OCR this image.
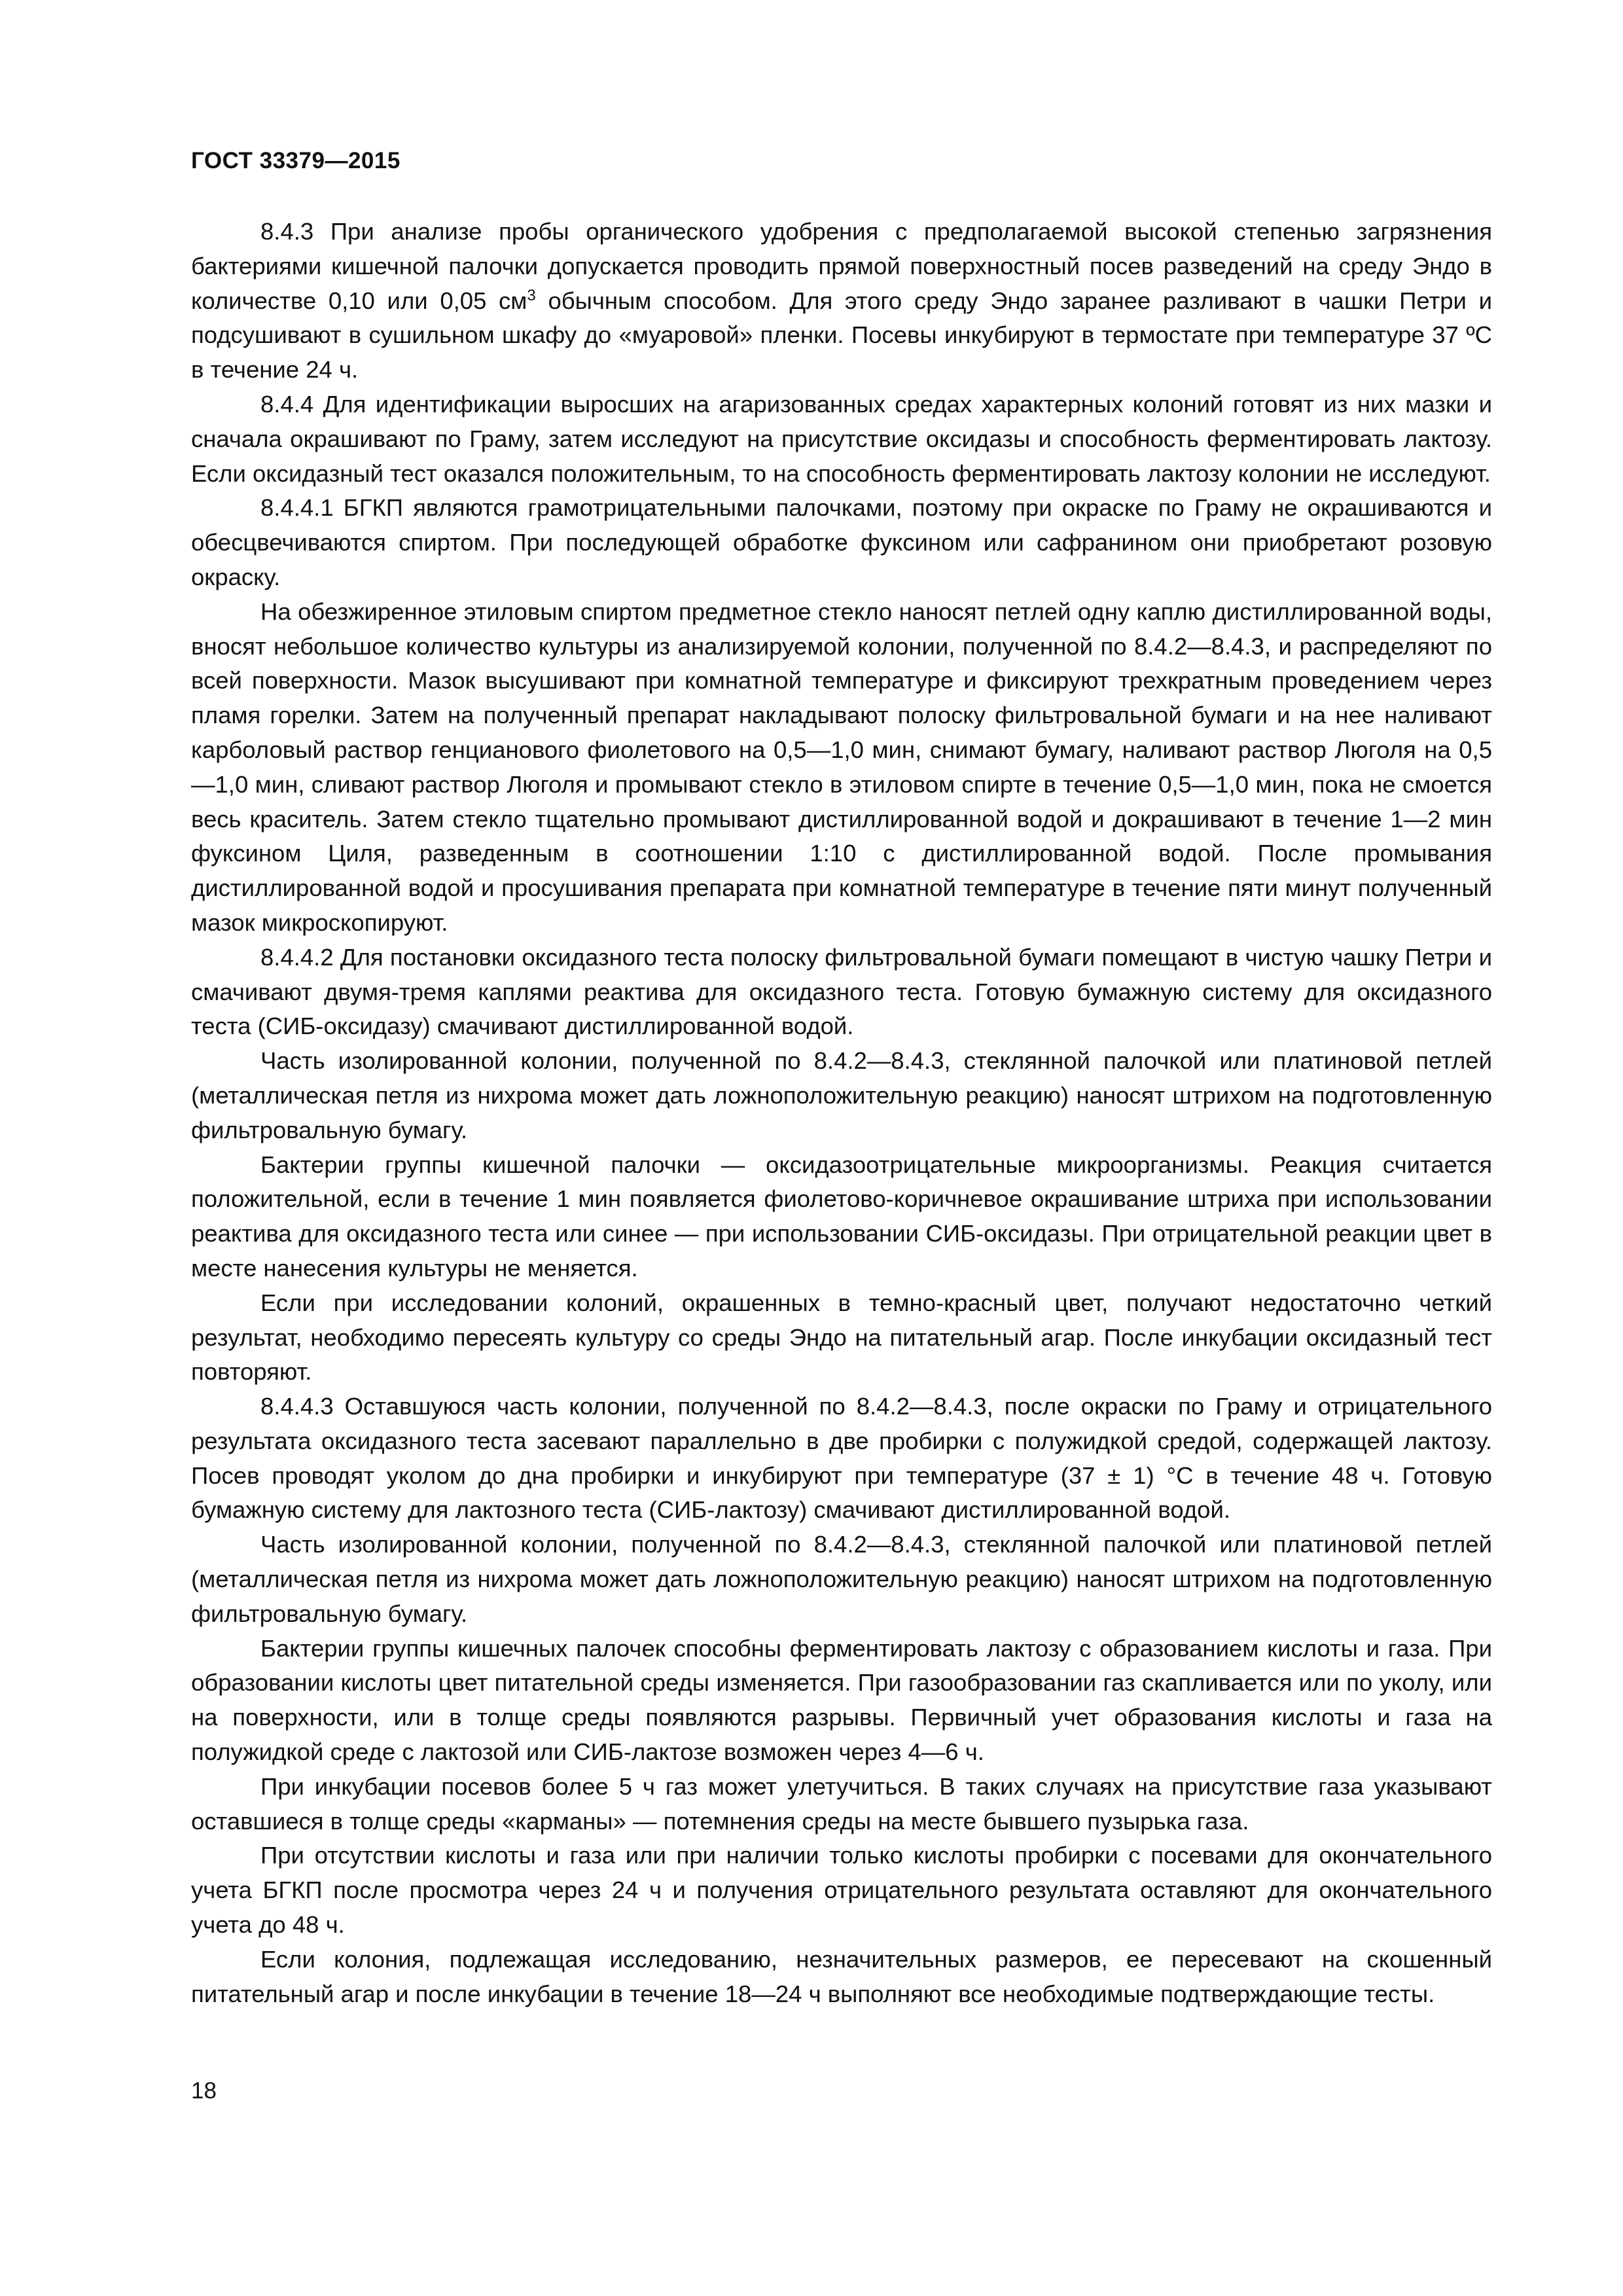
ГОСТ 33379—2015

8.4.3 При анализе пробы органического удобрения с предполагаемой высокой степенью загрязнения бактериями кишечной палочки допускается проводить прямой поверхностный посев разведений на среду Эндо в количестве 0,10 или 0,05 $см^3$ обычным способом. Для этого среду Эндо заранее разливают в чашки Петри и подсушивают в сушильном шкафу до «муаровой» пленки. Посевы инкубируют в термостате при температуре 37 ºС в течение 24 ч.

8.4.4 Для идентификации выросших на агаризованных средах характерных колоний готовят из них мазки и сначала окрашивают по Граму, затем исследуют на присутствие оксидазы и способность ферментировать лактозу. Если оксидазный тест оказался положительным, то на способность ферментировать лактозу колонии не исследуют.

8.4.4.1 БГКП являются грамотрицательными палочками, поэтому при окраске по Граму не окрашиваются и обесцвечиваются спиртом. При последующей обработке фуксином или сафранином они приобретают розовую окраску.

На обезжиренное этиловым спиртом предметное стекло наносят петлей одну каплю дистиллированной воды, вносят небольшое количество культуры из анализируемой колонии, полученной по 8.4.2—8.4.3, и распределяют по всей поверхности. Мазок высушивают при комнатной температуре и фиксируют трехкратным проведением через пламя горелки. Затем на полученный препарат накладывают полоску фильтровальной бумаги и на нее наливают карболовый раствор генцианового фиолетового на 0,5—1,0 мин, снимают бумагу, наливают раствор Люголя на 0,5—1,0 мин, сливают раствор Люголя и промывают стекло в этиловом спирте в течение 0,5—1,0 мин, пока не смоется весь краситель. Затем стекло тщательно промывают дистиллированной водой и докрашивают в течение 1—2 мин фуксином Циля, разведенным в соотношении 1:10 с дистиллированной водой. После промывания дистиллированной водой и просушивания препарата при комнатной температуре в течение пяти минут полученный мазок микроскопируют.

8.4.4.2 Для постановки оксидазного теста полоску фильтровальной бумаги помещают в чистую чашку Петри и смачивают двумя-тремя каплями реактива для оксидазного теста. Готовую бумажную систему для оксидазного теста (СИБ-оксидазу) смачивают дистиллированной водой.

Часть изолированной колонии, полученной по 8.4.2—8.4.3, стеклянной палочкой или платиновой петлей (металлическая петля из нихрома может дать ложноположительную реакцию) наносят штрихом на подготовленную фильтровальную бумагу.

Бактерии группы кишечной палочки — оксидазоотрицательные микроорганизмы. Реакция считается положительной, если в течение 1 мин появляется фиолетово-коричневое окрашивание штриха при использовании реактива для оксидазного теста или синее — при использовании СИБ-оксидазы. При отрицательной реакции цвет в месте нанесения культуры не меняется.

Если при исследовании колоний, окрашенных в темно-красный цвет, получают недостаточно четкий результат, необходимо пересеять культуру со среды Эндо на питательный агар. После инкубации оксидазный тест повторяют.

8.4.4.3 Оставшуюся часть колонии, полученной по 8.4.2—8.4.3, после окраски по Граму и отрицательного результата оксидазного теста засевают параллельно в две пробирки с полужидкой средой, содержащей лактозу. Посев проводят уколом до дна пробирки и инкубируют при температуре (37 ± 1) °С в течение 48 ч. Готовую бумажную систему для лактозного теста (СИБ-лактозу) смачивают дистиллированной водой.

Часть изолированной колонии, полученной по 8.4.2—8.4.3, стеклянной палочкой или платиновой петлей (металлическая петля из нихрома может дать ложноположительную реакцию) наносят штрихом на подготовленную фильтровальную бумагу.

Бактерии группы кишечных палочек способны ферментировать лактозу с образованием кислоты и газа. При образовании кислоты цвет питательной среды изменяется. При газообразовании газ скапливается или по уколу, или на поверхности, или в толще среды появляются разрывы. Первичный учет образования кислоты и газа на полужидкой среде с лактозой или СИБ-лактозе возможен через 4—6 ч.

При инкубации посевов более 5 ч газ может улетучиться. В таких случаях на присутствие газа указывают оставшиеся в толще среды «карманы» — потемнения среды на месте бывшего пузырька газа.

При отсутствии кислоты и газа или при наличии только кислоты пробирки с посевами для окончательного учета БГКП после просмотра через 24 ч и получения отрицательного результата оставляют для окончательного учета до 48 ч.

Если колония, подлежащая исследованию, незначительных размеров, ее пересевают на скошенный питательный агар и после инкубации в течение 18—24 ч выполняют все необходимые подтверждающие тесты.

18
